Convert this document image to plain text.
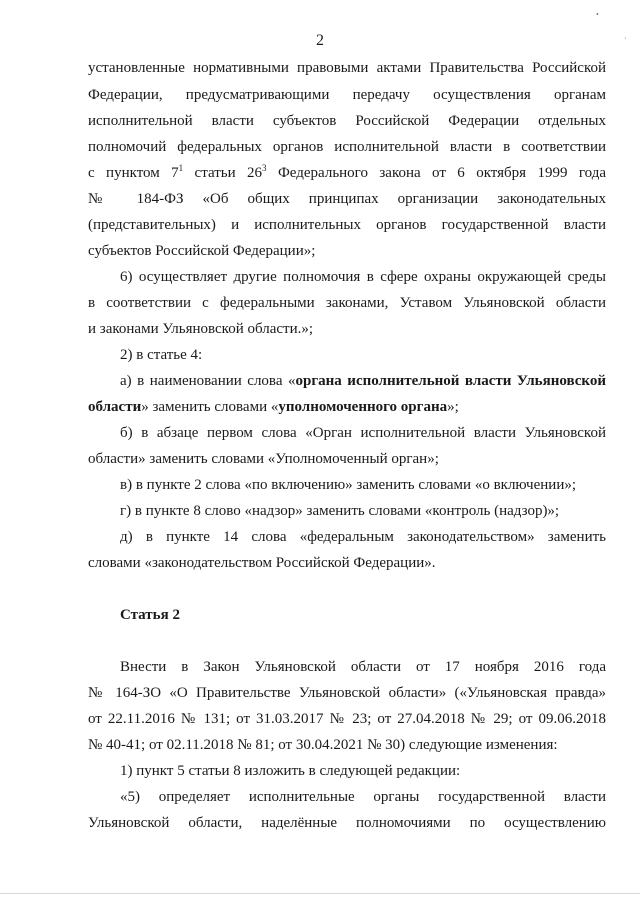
2
установленные нормативными правовыми актами Правительства Российской
Федерации, предусматривающими передачу осуществления органам
исполнительной власти субъектов Российской Федерации отдельных
полномочий федеральных органов исполнительной власти в соответствии
с пунктом $7^1$ статьи $26^3$ Федерального закона от 6 октября 1999 года
№ 184-ФЗ «Об общих принципах организации законодательных
(представительных) и исполнительных органов государственной власти
субъектов Российской Федерации»;
6) осуществляет другие полномочия в сфере охраны окружающей среды
в соответствии с федеральными законами, Уставом Ульяновской области
и законами Ульяновской области.»;
2) в статье 4:
а) в наименовании слова «органа исполнительной власти Ульяновской
области» заменить словами «уполномоченного органа»;
б) в абзаце первом слова «Орган исполнительной власти Ульяновской
области» заменить словами «Уполномоченный орган»;
в) в пункте 2 слова «по включению» заменить словами «о включении»;
г) в пункте 8 слово «надзор» заменить словами «контроль (надзор)»;
д) в пункте 14 слова «федеральным законодательством» заменить
словами «законодательством Российской Федерации».
Статья 2
Внести в Закон Ульяновской области от 17 ноября 2016 года
№ 164-ЗО «О Правительстве Ульяновской области» («Ульяновская правда»
от 22.11.2016 № 131; от 31.03.2017 № 23; от 27.04.2018 № 29; от 09.06.2018
№ 40-41; от 02.11.2018 № 81; от 30.04.2021 № 30) следующие изменения:
1) пункт 5 статьи 8 изложить в следующей редакции:
«5) определяет исполнительные органы государственной власти
Ульяновской области, наделённые полномочиями по осуществлению
•
·
